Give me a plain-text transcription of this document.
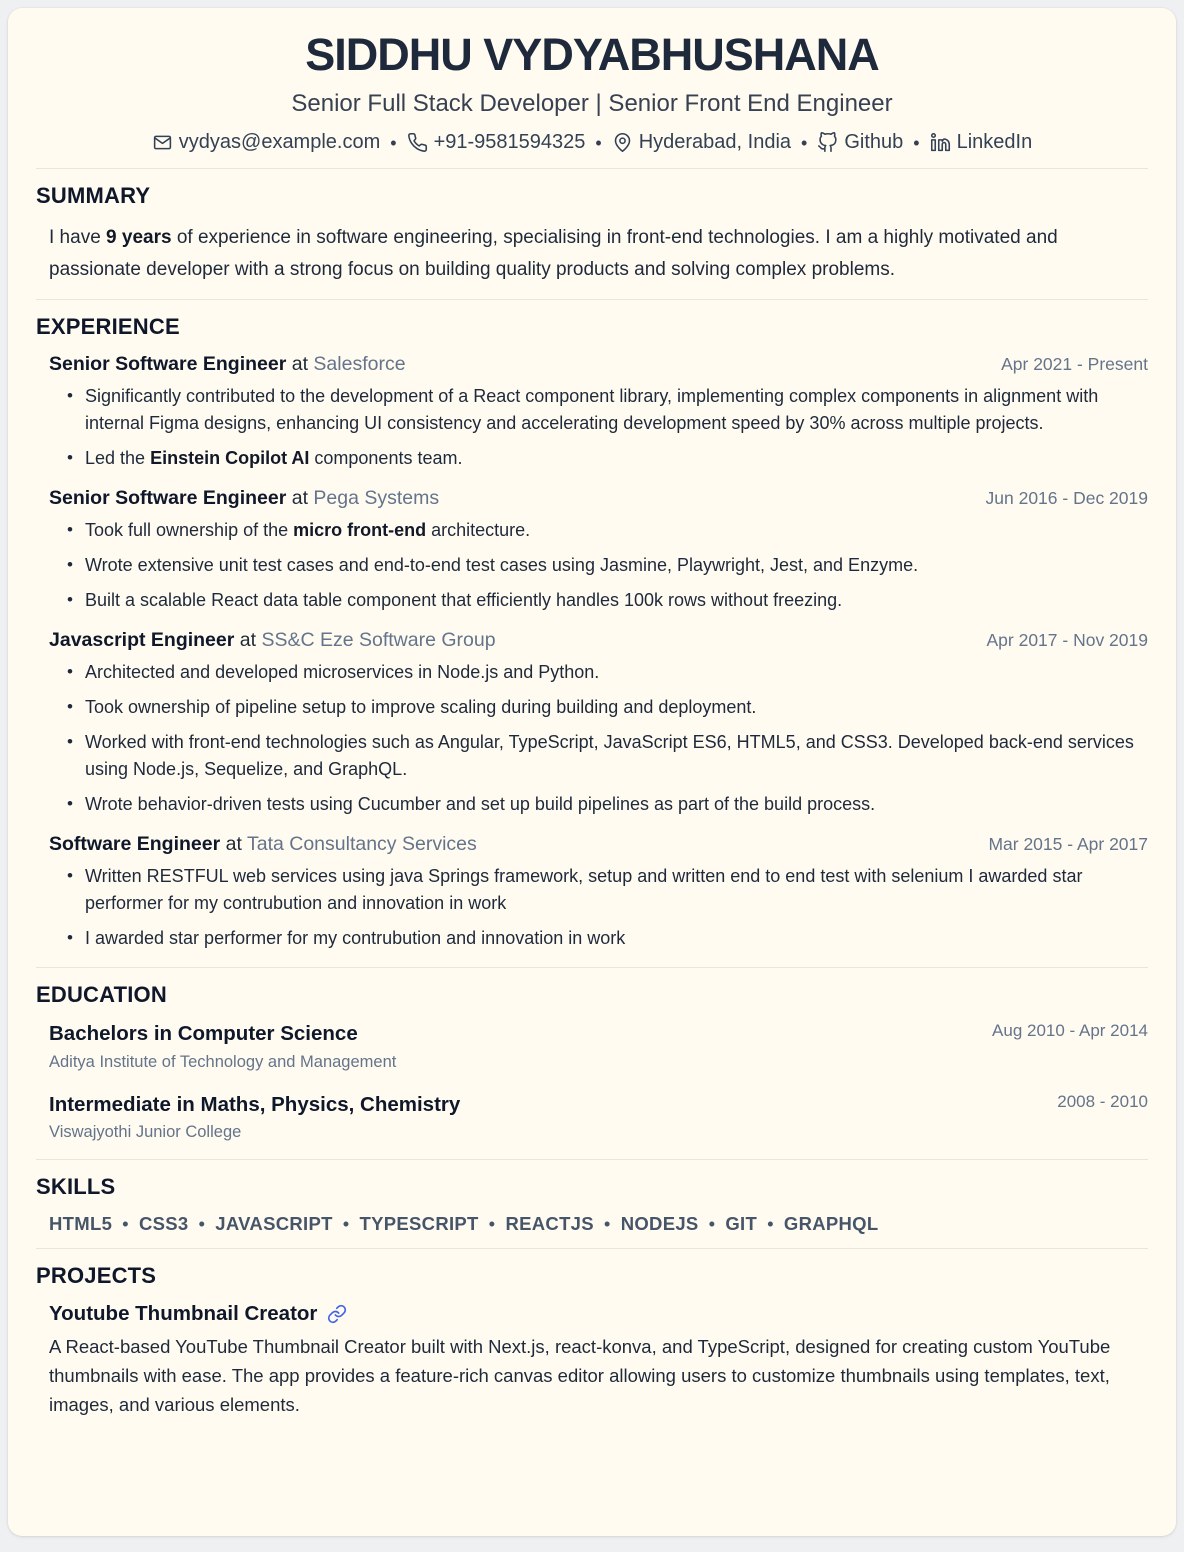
SIDDHU VYDYABHUSHANA
Senior Full Stack Developer | Senior Front End Engineer
vydyas@example.com • +91-9581594325 • Hyderabad, India • Github • LinkedIn
SUMMARY

I have 9 years of experience in software engineering, specialising in front-end technologies. I am a highly motivated and passionate developer with a strong focus on building quality products and solving complex problems.

EXPERIENCE
Senior Software Engineer at Salesforce	Apr 2021 - Present
• Significantly contributed to the development of a React component library, implementing complex components in alignment with internal Figma designs, enhancing UI consistency and accelerating development speed by 30% across multiple projects.
• Led the Einstein Copilot AI components team.
Senior Software Engineer at Pega Systems	Jun 2016 - Dec 2019
• Took full ownership of the micro front-end architecture.
• Wrote extensive unit test cases and end-to-end test cases using Jasmine, Playwright, Jest, and Enzyme.
• Built a scalable React data table component that efficiently handles 100k rows without freezing.
Javascript Engineer at SS&C Eze Software Group	Apr 2017 - Nov 2019
• Architected and developed microservices in Node.js and Python.
• Took ownership of pipeline setup to improve scaling during building and deployment.
• Worked with front-end technologies such as Angular, TypeScript, JavaScript ES6, HTML5, and CSS3. Developed back-end services using Node.js, Sequelize, and GraphQL.
• Wrote behavior-driven tests using Cucumber and set up build pipelines as part of the build process.
Software Engineer at Tata Consultancy Services	Mar 2015 - Apr 2017
• Written RESTFUL web services using java Springs framework, setup and written end to end test with selenium I awarded star performer for my contrubution and innovation in work
• I awarded star performer for my contrubution and innovation in work
EDUCATION
Bachelors in Computer Science
Aditya Institute of Technology and Management
Aug 2010 - Apr 2014
Intermediate in Maths, Physics, Chemistry
Viswajyothi Junior College
2008 - 2010
SKILLS
HTML5 • CSS3 • JAVASCRIPT • TYPESCRIPT • REACTJS • NODEJS • GIT • GRAPHQL
PROJECTS
Youtube Thumbnail Creator

A React-based YouTube Thumbnail Creator built with Next.js, react-konva, and TypeScript, designed for creating custom YouTube thumbnails with ease. The app provides a feature-rich canvas editor allowing users to customize thumbnails using templates, text, images, and various elements.
